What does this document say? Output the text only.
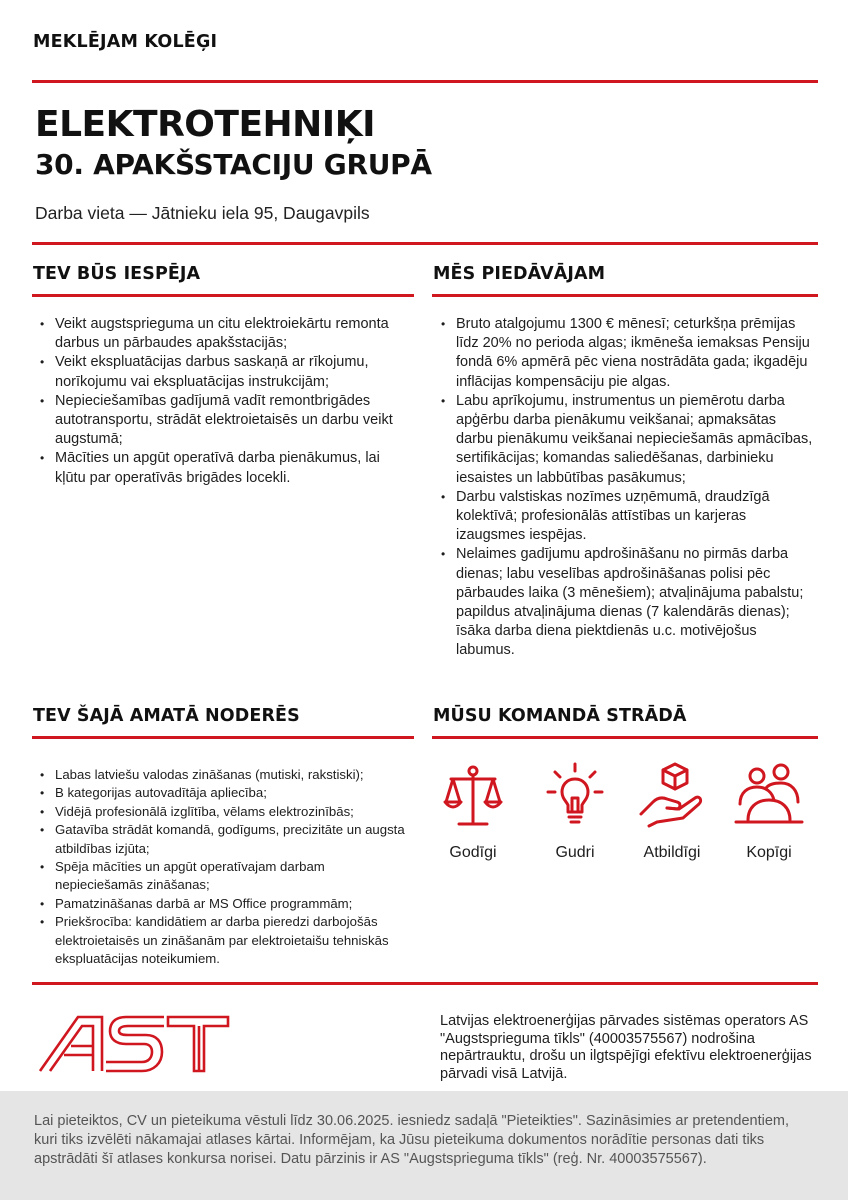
MEKLĒJAM KOLĒĢI
ELEKTROTEHNIĶI
30. APAKŠSTACIJU GRUPĀ
Darba vieta — Jātnieku iela 95, Daugavpils
TEV BŪS IESPĒJA
• Veikt augstsprieguma un citu elektroiekārtu remonta darbus un pārbaudes apakšstacijās;
• Veikt ekspluatācijas darbus saskaņā ar rīkojumu, norīkojumu vai ekspluatācijas instrukcijām;
• Nepieciešamības gadījumā vadīt remontbrigādes autotransportu, strādāt elektroietaisēs un darbu veikt augstumā;
• Mācīties un apgūt operatīvā darba pienākumus, lai kļūtu par operatīvās brigādes locekli.
MĒS PIEDĀVĀJAM
• Bruto atalgojumu 1300 € mēnesī; ceturkšņa prēmijas līdz 20% no perioda algas; ikmēneša iemaksas Pensiju fondā 6% apmērā pēc viena nostrādāta gada; ikgadēju inflācijas kompensāciju pie algas.
• Labu aprīkojumu, instrumentus un piemērotu darba apģērbu darba pienākumu veikšanai; apmaksātas darbu pienākumu veikšanai nepieciešamās apmācības, sertifikācijas; komandas saliedēšanas, darbinieku iesaistes un labbūtības pasākumus;
• Darbu valstiskas nozīmes uzņēmumā, draudzīgā kolektīvā; profesionālās attīstības un karjeras izaugsmes iespējas.
• Nelaimes gadījumu apdrošināšanu no pirmās darba dienas; labu veselības apdrošināšanas polisi pēc pārbaudes laika (3 mēnešiem); atvaļinājuma pabalstu; papildus atvaļinājuma dienas (7 kalendārās dienas); īsāka darba diena piektdienās u.c. motivējošus labumus.
TEV ŠAJĀ AMATĀ NODERĒS
• Labas latviešu valodas zināšanas (mutiski, rakstiski);
• B kategorijas autovadītāja apliecība;
• Vidējā profesionālā izglītība, vēlams elektrozinībās;
• Gatavība strādāt komandā, godīgums, precizitāte un augsta atbildības izjūta;
• Spēja mācīties un apgūt operatīvajam darbam nepieciešamās zināšanas;
• Pamatzināšanas darbā ar MS Office programmām;
• Priekšrocība: kandidātiem ar darba pieredzi darbojošās elektroietaisēs un zināšanām par elektroietaišu tehniskās ekspluatācijas noteikumiem.
MŪSU KOMANDĀ STRĀDĀ
Godīgi	Gudri	Atbildīgi	Kopīgi
Latvijas elektroenerģijas pārvades sistēmas operators AS "Augstsprieguma tīkls" (40003575567) nodrošina nepārtrauktu, drošu un ilgtspējīgi efektīvu elektroenerģijas pārvadi visā Latvijā.
Lai pieteiktos, CV un pieteikuma vēstuli līdz 30.06.2025. iesniedz sadaļā "Pieteikties". Sazināsimies ar pretendentiem, kuri tiks izvēlēti nākamajai atlases kārtai. Informējam, ka Jūsu pieteikuma dokumentos norādītie personas dati tiks apstrādāti šī atlases konkursa norisei. Datu pārzinis ir AS "Augstsprieguma tīkls" (reģ. Nr. 40003575567).
